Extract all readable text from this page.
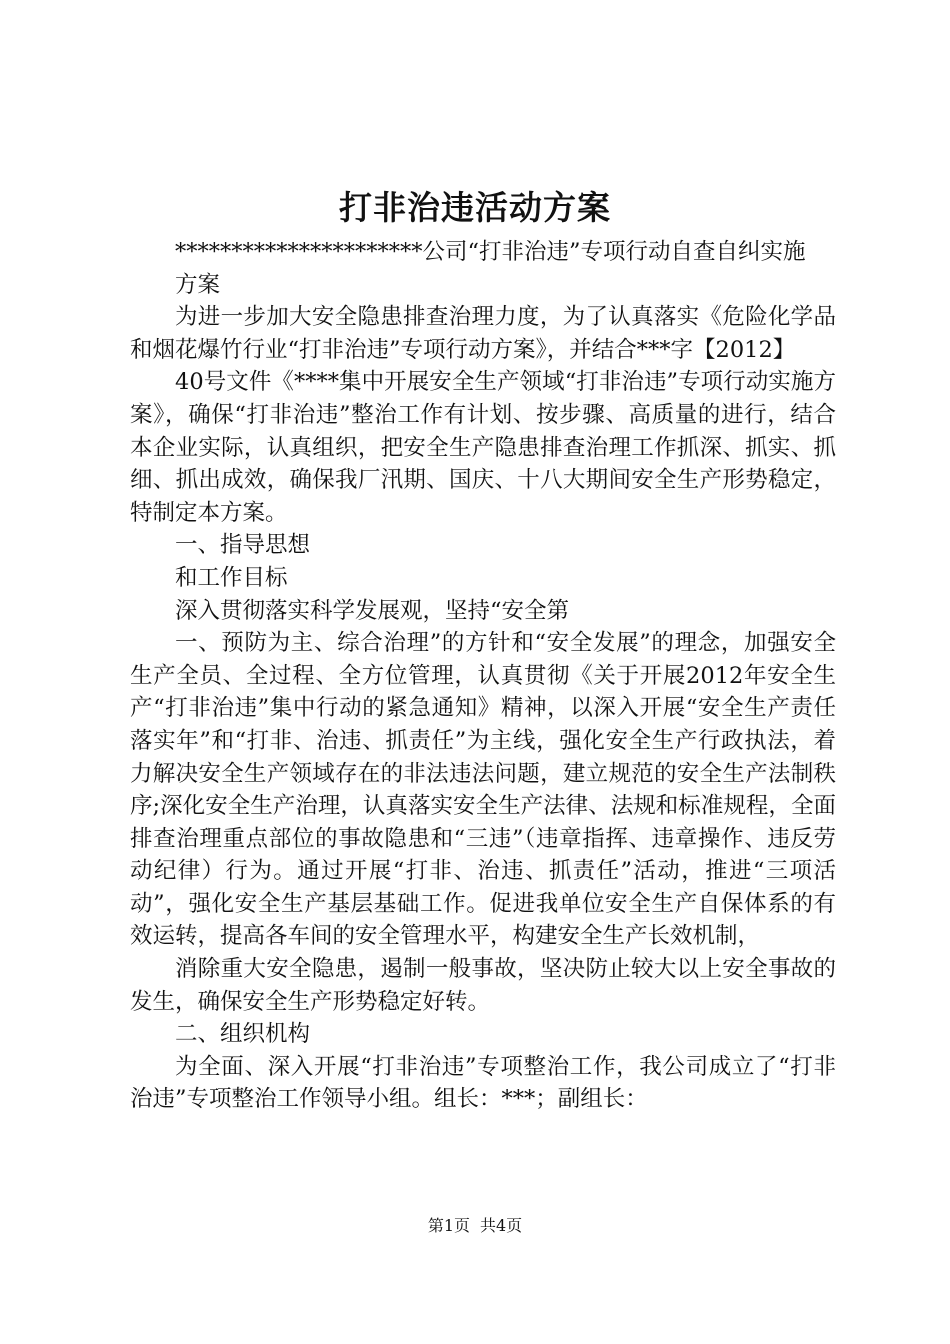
打非治违活动方案

**********************公司“打非治违”专项行动自查自纠实施

方案

为进一步加大安全隐患排查治理力度，为了认真落实《危险化学品和烟花爆竹行业“打非治违”专项行动方案》，并结合***字【2012】

40号文件《****集中开展安全生产领域“打非治违”专项行动实施方案》，确保“打非治违”整治工作有计划、按步骤、高质量的进行，结合本企业实际，认真组织，把安全生产隐患排查治理工作抓深、抓实、抓细、抓出成效，确保我厂汛期、国庆、十八大期间安全生产形势稳定，特制定本方案。

一、指导思想

和工作目标

深入贯彻落实科学发展观，坚持“安全第

一、预防为主、综合治理”的方针和“安全发展”的理念，加强安全生产全员、全过程、全方位管理，认真贯彻《关于开展2012年安全生产“打非治违”集中行动的紧急通知》精神，以深入开展“安全生产责任落实年”和“打非、治违、抓责任”为主线，强化安全生产行政执法，着力解决安全生产领域存在的非法违法问题，建立规范的安全生产法制秩序;深化安全生产治理，认真落实安全生产法律、法规和标准规程，全面排查治理重点部位的事故隐患和“三违”（违章指挥、违章操作、违反劳动纪律）行为。通过开展“打非、治违、抓责任”活动，推进“三项活动”，强化安全生产基层基础工作。促进我单位安全生产自保体系的有效运转，提高各车间的安全管理水平，构建安全生产长效机制，

消除重大安全隐患，遏制一般事故，坚决防止较大以上安全事故的发生，确保安全生产形势稳定好转。

二、组织机构

为全面、深入开展“打非治违”专项整治工作，我公司成立了“打非治违”专项整治工作领导小组。组长：***；副组长：

第1页 共4页
